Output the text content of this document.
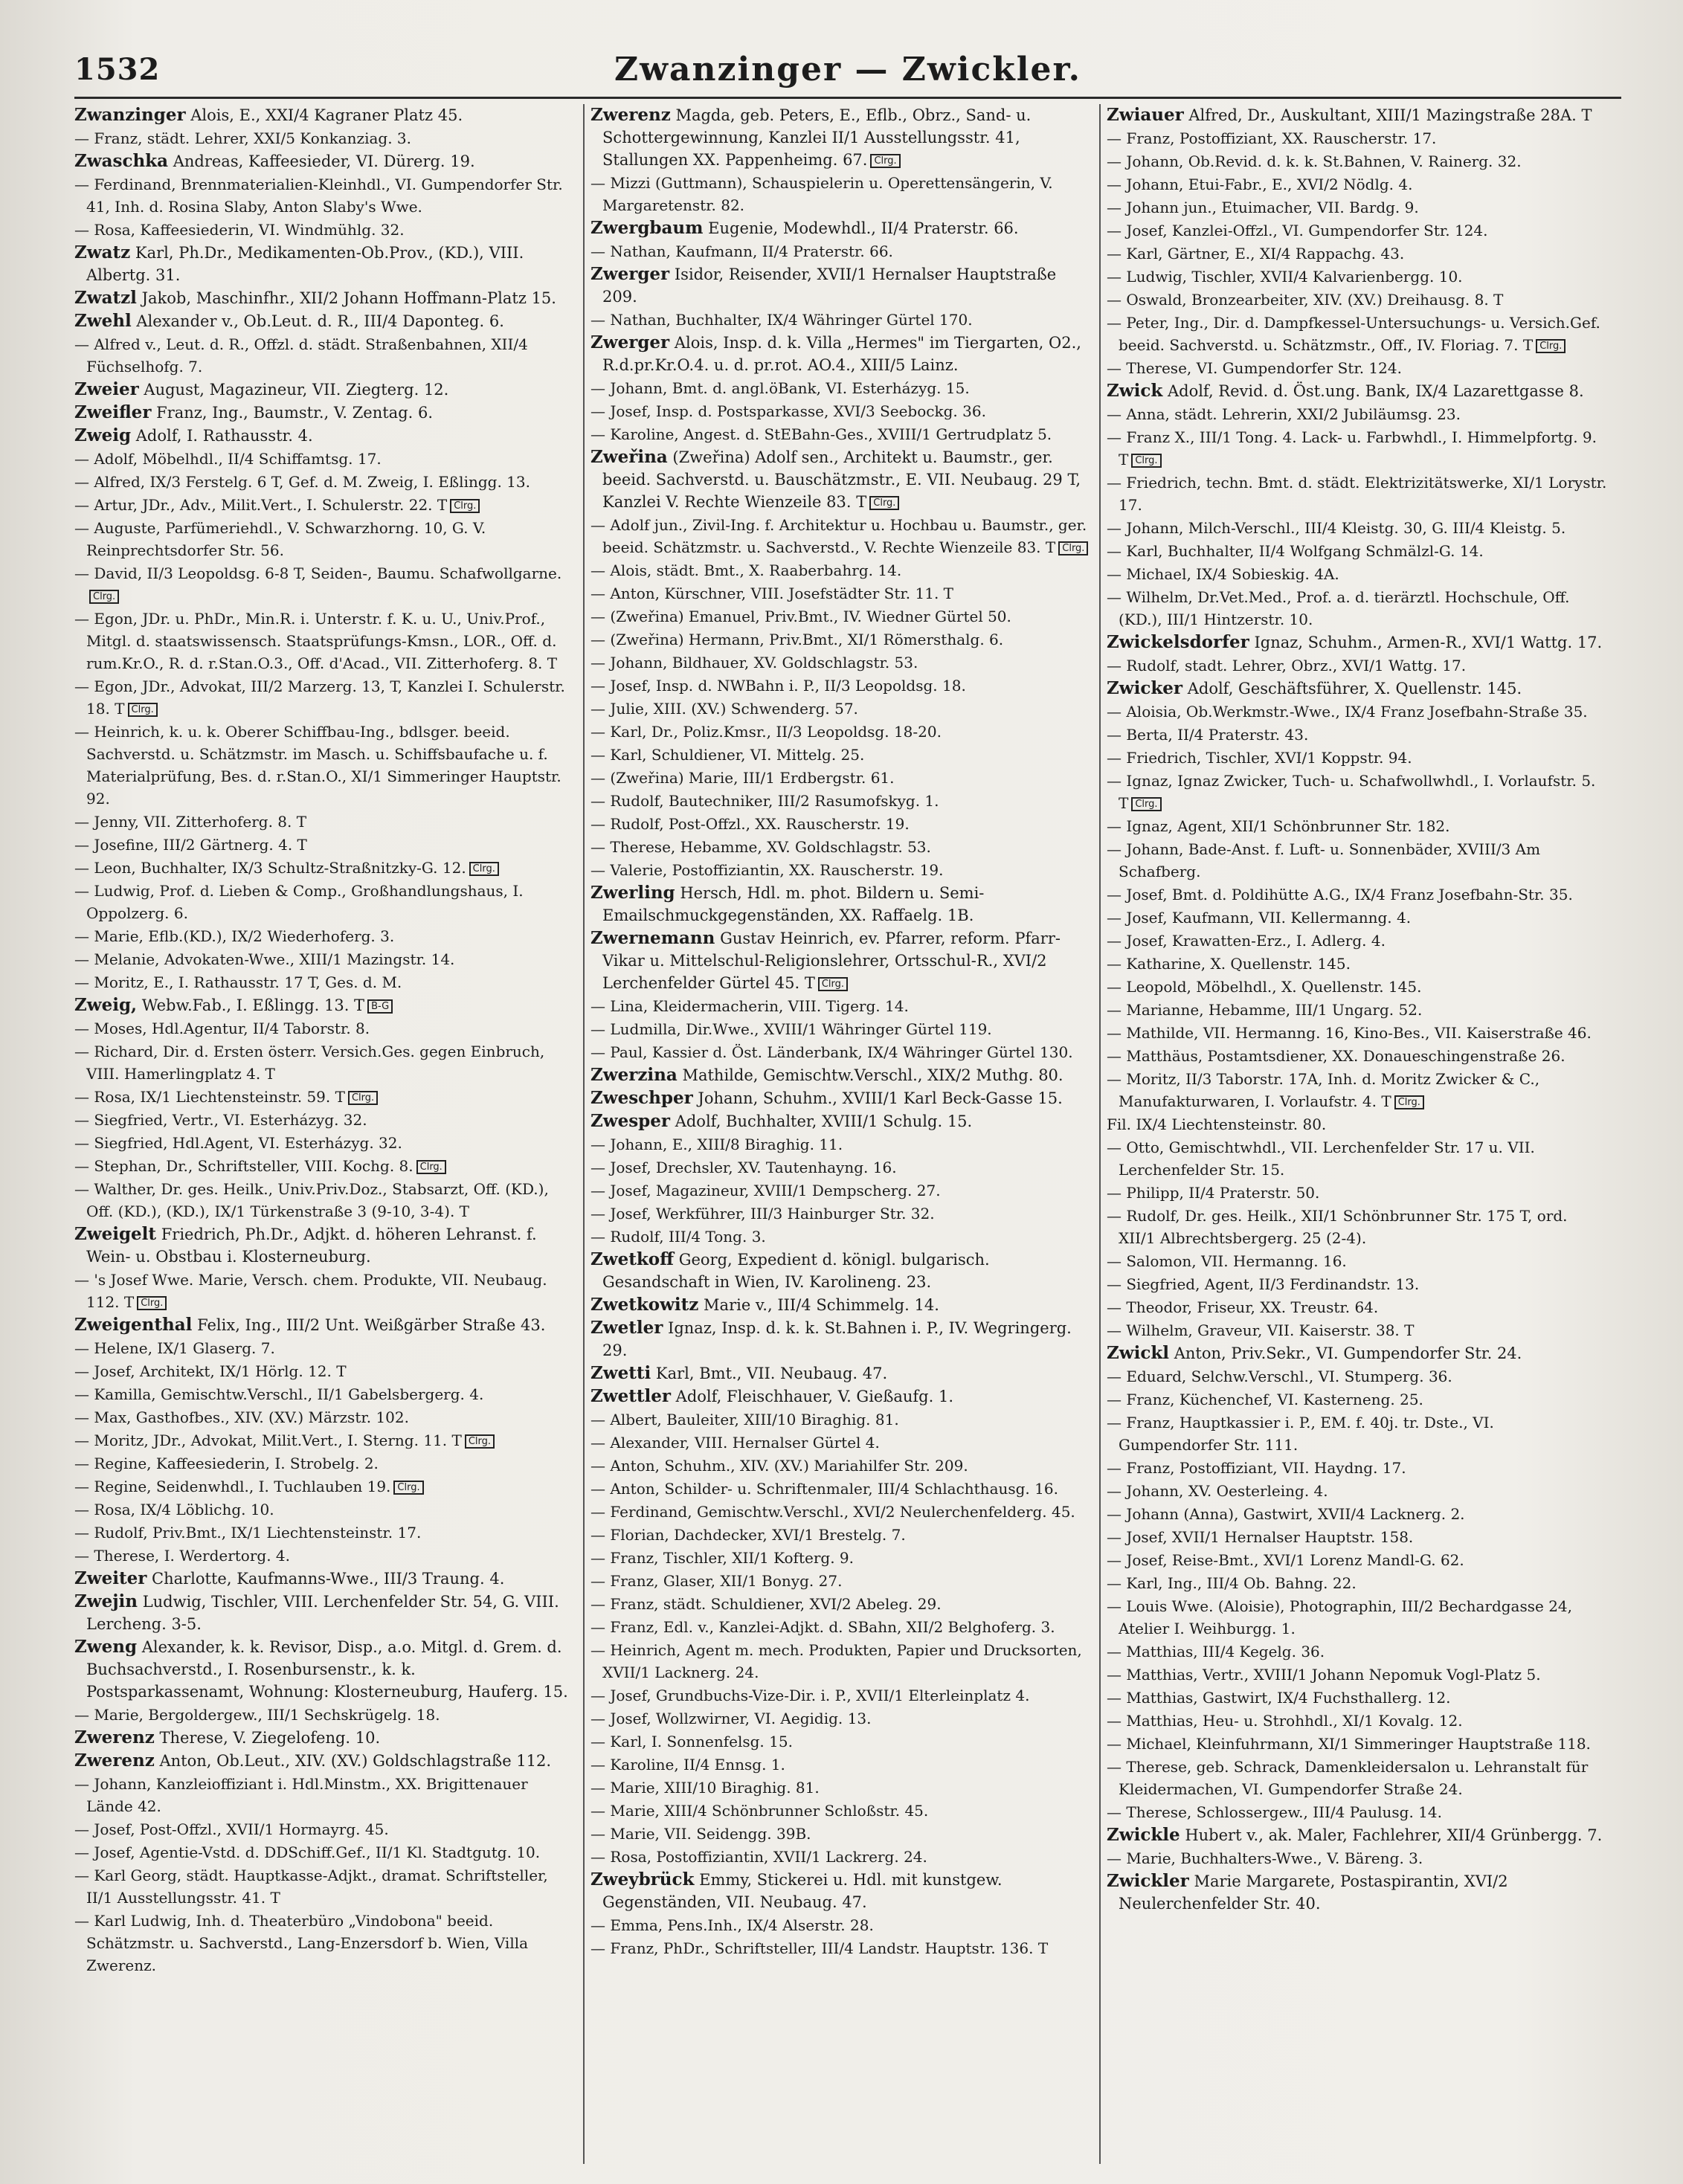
1532	Zwanzinger — Zwickler.
Zwanzinger Alois, E., XXI/4 Kagraner Platz 45.
— Franz, städt. Lehrer, XXI/5 Konkanziag. 3.
Zwaschka Andreas, Kaffeesieder, VI. Dürerg. 19.
— Ferdinand, Brennmaterialien-Kleinhdl., VI. Gumpendorfer Str. 41, Inh. d. Rosina Slaby, Anton Slaby's Wwe.
— Rosa, Kaffeesiederin, VI. Windmühlg. 32.
Zwatz Karl, Ph.Dr., Medikamenten-Ob.Prov., (KD.), VIII. Albertg. 31.
Zwatzl Jakob, Maschinfhr., XII/2 Johann Hoffmann-Platz 15.
Zwehl Alexander v., Ob.Leut. d. R., III/4 Daponteg. 6.
— Alfred v., Leut. d. R., Offzl. d. städt. Straßenbahnen, XII/4 Füchselhofg. 7.
Zweier August, Magazineur, VII. Ziegterg. 12.
Zweifler Franz, Ing., Baumstr., V. Zentag. 6.
Zweig Adolf, I. Rathausstr. 4.
— Adolf, Möbelhdl., II/4 Schiffamtsg. 17.
— Alfred, IX/3 Ferstelg. 6 T, Gef. d. M. Zweig, I. Eßlingg. 13.
— Artur, JDr., Adv., Milit.Vert., I. Schulerstr. 22. T Clrg.
— Auguste, Parfümeriehdl., V. Schwarzhorng. 10, G. V. Reinprechtsdorfer Str. 56.
— David, II/3 Leopoldsg. 6-8 T, Seiden-, Baumu. Schafwollgarne.Clrg.
— Egon, JDr. u. PhDr., Min.R. i. Unterstr. f. K. u. U., Univ.Prof., Mitgl. d. staatswissensch. Staatsprüfungs-Kmsn., LOR., Off. d. rum.Kr.O., R. d. r.Stan.O.3., Off. d'Acad., VII. Zitterhoferg. 8. T
— Egon, JDr., Advokat, III/2 Marzerg. 13, T, Kanzlei I. Schulerstr. 18. T Clrg.
— Heinrich, k. u. k. Oberer Schiffbau-Ing., bdlsger. beeid. Sachverstd. u. Schätzmstr. im Masch. u. Schiffsbaufache u. f. Materialprüfung, Bes. d. r.Stan.O., XI/1 Simmeringer Hauptstr. 92.
— Jenny, VII. Zitterhoferg. 8. T
— Josefine, III/2 Gärtnerg. 4. T
— Leon, Buchhalter, IX/3 Schultz-Straßnitzky-G. 12. Clrg.
— Ludwig, Prof. d. Lieben & Comp., Großhandlungshaus, I. Oppolzerg. 6.
— Marie, Eflb.(KD.), IX/2 Wiederhoferg. 3.
— Melanie, Advokaten-Wwe., XIII/1 Mazingstr. 14.
— Moritz, E., I. Rathausstr. 17 T, Ges. d. M.
Zweig, Webw.Fab., I. Eßlingg. 13. T B-G
— Moses, Hdl.Agentur, II/4 Taborstr. 8.
— Richard, Dir. d. Ersten österr. Versich.Ges. gegen Einbruch, VIII. Hamerlingplatz 4. T
— Rosa, IX/1 Liechtensteinstr. 59. T Clrg.
— Siegfried, Vertr., VI. Esterházyg. 32.
— Siegfried, Hdl.Agent, VI. Esterházyg. 32.
— Stephan, Dr., Schriftsteller, VIII. Kochg. 8. Clrg.
— Walther, Dr. ges. Heilk., Univ.Priv.Doz., Stabsarzt, Off. (KD.), Off. (KD.), (KD.), IX/1 Türkenstraße 3 (9-10, 3-4). T
Zweigelt Friedrich, Ph.Dr., Adjkt. d. höheren Lehranst. f. Wein- u. Obstbau i. Klosterneuburg.
— 's Josef Wwe. Marie, Versch. chem. Produkte, VII. Neubaug. 112. T Clrg.
Zweigenthal Felix, Ing., III/2 Unt. Weißgärber Straße 43.
— Helene, IX/1 Glaserg. 7.
— Josef, Architekt, IX/1 Hörlg. 12. T
— Kamilla, Gemischtw.Verschl., II/1 Gabelsbergerg. 4.
— Max, Gasthofbes., XIV. (XV.) Märzstr. 102.
— Moritz, JDr., Advokat, Milit.Vert., I. Sterng. 11. T Clrg.
— Regine, Kaffeesiederin, I. Strobelg. 2.
— Regine, Seidenwhdl., I. Tuchlauben 19. Clrg.
— Rosa, IX/4 Löblichg. 10.
— Rudolf, Priv.Bmt., IX/1 Liechtensteinstr. 17.
— Therese, I. Werdertorg. 4.
Zweiter Charlotte, Kaufmanns-Wwe., III/3 Traung. 4.
Zwejin Ludwig, Tischler, VIII. Lerchenfelder Str. 54, G. VIII. Lercheng. 3-5.
Zweng Alexander, k. k. Revisor, Disp., a.o. Mitgl. d. Grem. d. Buchsachverstd., I. Rosenbursenstr., k. k. Postsparkassenamt, Wohnung: Klosterneuburg, Hauferg. 15.
— Marie, Bergoldergew., III/1 Sechskrügelg. 18.
Zwerenz Therese, V. Ziegelofeng. 10.
Zwerenz Anton, Ob.Leut., XIV. (XV.) Goldschlagstraße 112.
— Johann, Kanzleioffiziant i. Hdl.Minstm., XX. Brigittenauer Lände 42.
— Josef, Post-Offzl., XVII/1 Hormayrg. 45.
— Josef, Agentie-Vstd. d. DDSchiff.Gef., II/1 Kl. Stadtgutg. 10.
— Karl Georg, städt. Hauptkasse-Adjkt., dramat. Schriftsteller, II/1 Ausstellungsstr. 41. T
— Karl Ludwig, Inh. d. Theaterbüro „Vindobona" beeid. Schätzmstr. u. Sachverstd., Lang-Enzersdorf b. Wien, Villa Zwerenz.
Zwerenz Magda, geb. Peters, E., Eflb., Obrz., Sand- u. Schottergewinnung, Kanzlei II/1 Ausstellungsstr. 41, Stallungen XX. Pappenheimg. 67. Clrg.
— Mizzi (Guttmann), Schauspielerin u. Operettensängerin, V. Margaretenstr. 82.
Zwergbaum Eugenie, Modewhdl., II/4 Praterstr. 66.
— Nathan, Kaufmann, II/4 Praterstr. 66.
Zwerger Isidor, Reisender, XVII/1 Hernalser Hauptstraße 209.
— Nathan, Buchhalter, IX/4 Währinger Gürtel 170.
Zwerger Alois, Insp. d. k. Villa „Hermes" im Tiergarten, O2., R.d.pr.Kr.O.4. u. d. pr.rot. AO.4., XIII/5 Lainz.
— Johann, Bmt. d. angl.öBank, VI. Esterházyg. 15.
— Josef, Insp. d. Postsparkasse, XVI/3 Seebockg. 36.
— Karoline, Angest. d. StEBahn-Ges., XVIII/1 Gertrudplatz 5.
Zweřina (Zweřina) Adolf sen., Architekt u. Baumstr., ger. beeid. Sachverstd. u. Bauschätzmstr., E. VII. Neubaug. 29 T, Kanzlei V. Rechte Wienzeile 83. T Clrg.
— Adolf jun., Zivil-Ing. f. Architektur u. Hochbau u. Baumstr., ger. beeid. Schätzmstr. u. Sachverstd., V. Rechte Wienzeile 83. T Clrg.
— Alois, städt. Bmt., X. Raaberbahrg. 14.
— Anton, Kürschner, VIII. Josefstädter Str. 11. T
— (Zweřina) Emanuel, Priv.Bmt., IV. Wiedner Gürtel 50.
— (Zweřina) Hermann, Priv.Bmt., XI/1 Römersthalg. 6.
— Johann, Bildhauer, XV. Goldschlagstr. 53.
— Josef, Insp. d. NWBahn i. P., II/3 Leopoldsg. 18.
— Julie, XIII. (XV.) Schwenderg. 57.
— Karl, Dr., Poliz.Kmsr., II/3 Leopoldsg. 18-20.
— Karl, Schuldiener, VI. Mittelg. 25.
— (Zweřina) Marie, III/1 Erdbergstr. 61.
— Rudolf, Bautechniker, III/2 Rasumofskyg. 1.
— Rudolf, Post-Offzl., XX. Rauscherstr. 19.
— Therese, Hebamme, XV. Goldschlagstr. 53.
— Valerie, Postoffiziantin, XX. Rauscherstr. 19.
Zwerling Hersch, Hdl. m. phot. Bildern u. Semi-Emailschmuckgegenständen, XX. Raffaelg. 1B.
Zwernemann Gustav Heinrich, ev. Pfarrer, reform. Pfarr-Vikar u. Mittelschul-Religionslehrer, Ortsschul-R., XVI/2 Lerchenfelder Gürtel 45. T Clrg.
— Lina, Kleidermacherin, VIII. Tigerg. 14.
— Ludmilla, Dir.Wwe., XVIII/1 Währinger Gürtel 119.
— Paul, Kassier d. Öst. Länderbank, IX/4 Währinger Gürtel 130.
Zwerzina Mathilde, Gemischtw.Verschl., XIX/2 Muthg. 80.
Zweschper Johann, Schuhm., XVIII/1 Karl Beck-Gasse 15.
Zwesper Adolf, Buchhalter, XVIII/1 Schulg. 15.
— Johann, E., XIII/8 Biraghig. 11.
— Josef, Drechsler, XV. Tautenhayng. 16.
— Josef, Magazineur, XVIII/1 Dempscherg. 27.
— Josef, Werkführer, III/3 Hainburger Str. 32.
— Rudolf, III/4 Tong. 3.
Zwetkoff Georg, Expedient d. königl. bulgarisch. Gesandschaft in Wien, IV. Karolineng. 23.
Zwetkowitz Marie v., III/4 Schimmelg. 14.
Zwetler Ignaz, Insp. d. k. k. St.Bahnen i. P., IV. Wegringerg. 29.
Zwetti Karl, Bmt., VII. Neubaug. 47.
Zwettler Adolf, Fleischhauer, V. Gießaufg. 1.
— Albert, Bauleiter, XIII/10 Biraghig. 81.
— Alexander, VIII. Hernalser Gürtel 4.
— Anton, Schuhm., XIV. (XV.) Mariahilfer Str. 209.
— Anton, Schilder- u. Schriftenmaler, III/4 Schlachthausg. 16.
— Ferdinand, Gemischtw.Verschl., XVI/2 Neulerchenfelderg. 45.
— Florian, Dachdecker, XVI/1 Brestelg. 7.
— Franz, Tischler, XII/1 Kofterg. 9.
— Franz, Glaser, XII/1 Bonyg. 27.
— Franz, städt. Schuldiener, XVI/2 Abeleg. 29.
— Franz, Edl. v., Kanzlei-Adjkt. d. SBahn, XII/2 Belghoferg. 3.
— Heinrich, Agent m. mech. Produkten, Papier und Drucksorten, XVII/1 Lacknerg. 24.
— Josef, Grundbuchs-Vize-Dir. i. P., XVII/1 Elterleinplatz 4.
— Josef, Wollzwirner, VI. Aegidig. 13.
— Karl, I. Sonnenfelsg. 15.
— Karoline, II/4 Ennsg. 1.
— Marie, XIII/10 Biraghig. 81.
— Marie, XIII/4 Schönbrunner Schloßstr. 45.
— Marie, VII. Seidengg. 39B.
— Rosa, Postoffiziantin, XVII/1 Lackrerg. 24.
Zweybrück Emmy, Stickerei u. Hdl. mit kunstgew. Gegenständen, VII. Neubaug. 47.
— Emma, Pens.Inh., IX/4 Alserstr. 28.
— Franz, PhDr., Schriftsteller, III/4 Landstr. Hauptstr. 136. T
Zwiauer Alfred, Dr., Auskultant, XIII/1 Mazingstraße 28A. T
— Franz, Postoffiziant, XX. Rauscherstr. 17.
— Johann, Ob.Revid. d. k. k. St.Bahnen, V. Rainerg. 32.
— Johann, Etui-Fabr., E., XVI/2 Nödlg. 4.
— Johann jun., Etuimacher, VII. Bardg. 9.
— Josef, Kanzlei-Offzl., VI. Gumpendorfer Str. 124.
— Karl, Gärtner, E., XI/4 Rappachg. 43.
— Ludwig, Tischler, XVII/4 Kalvarienbergg. 10.
— Oswald, Bronzearbeiter, XIV. (XV.) Dreihausg. 8. T
— Peter, Ing., Dir. d. Dampfkessel-Untersuchungs- u. Versich.Gef. beeid. Sachverstd. u. Schätzmstr., Off., IV. Floriag. 7. T Clrg.
— Therese, VI. Gumpendorfer Str. 124.
Zwick Adolf, Revid. d. Öst.ung. Bank, IX/4 Lazarettgasse 8.
— Anna, städt. Lehrerin, XXI/2 Jubiläumsg. 23.
— Franz X., III/1 Tong. 4. Lack- u. Farbwhdl., I. Himmelpfortg. 9. T Clrg.
— Friedrich, techn. Bmt. d. städt. Elektrizitätswerke, XI/1 Lorystr. 17.
— Johann, Milch-Verschl., III/4 Kleistg. 30, G. III/4 Kleistg. 5.
— Karl, Buchhalter, II/4 Wolfgang Schmälzl-G. 14.
— Michael, IX/4 Sobieskig. 4A.
— Wilhelm, Dr.Vet.Med., Prof. a. d. tierärztl. Hochschule, Off. (KD.), III/1 Hintzerstr. 10.
Zwickelsdorfer Ignaz, Schuhm., Armen-R., XVI/1 Wattg. 17.
— Rudolf, stadt. Lehrer, Obrz., XVI/1 Wattg. 17.
Zwicker Adolf, Geschäftsführer, X. Quellenstr. 145.
— Aloisia, Ob.Werkmstr.-Wwe., IX/4 Franz Josefbahn-Straße 35.
— Berta, II/4 Praterstr. 43.
— Friedrich, Tischler, XVI/1 Koppstr. 94.
— Ignaz, Ignaz Zwicker, Tuch- u. Schafwollwhdl., I. Vorlaufstr. 5. T Clrg.
— Ignaz, Agent, XII/1 Schönbrunner Str. 182.
— Johann, Bade-Anst. f. Luft- u. Sonnenbäder, XVIII/3 Am Schafberg.
— Josef, Bmt. d. Poldihütte A.G., IX/4 Franz Josefbahn-Str. 35.
— Josef, Kaufmann, VII. Kellermanng. 4.
— Josef, Krawatten-Erz., I. Adlerg. 4.
— Katharine, X. Quellenstr. 145.
— Leopold, Möbelhdl., X. Quellenstr. 145.
— Marianne, Hebamme, III/1 Ungarg. 52.
— Mathilde, VII. Hermanng. 16, Kino-Bes., VII. Kaiserstraße 46.
— Matthäus, Postamtsdiener, XX. Donaueschingenstraße 26.
— Moritz, II/3 Taborstr. 17A, Inh. d. Moritz Zwicker & C., Manufakturwaren, I. Vorlaufstr. 4. T Clrg.
Fil. IX/4 Liechtensteinstr. 80.
— Otto, Gemischtwhdl., VII. Lerchenfelder Str. 17 u. VII. Lerchenfelder Str. 15.
— Philipp, II/4 Praterstr. 50.
— Rudolf, Dr. ges. Heilk., XII/1 Schönbrunner Str. 175 T, ord. XII/1 Albrechtsbergerg. 25 (2-4).
— Salomon, VII. Hermanng. 16.
— Siegfried, Agent, II/3 Ferdinandstr. 13.
— Theodor, Friseur, XX. Treustr. 64.
— Wilhelm, Graveur, VII. Kaiserstr. 38. T
Zwickl Anton, Priv.Sekr., VI. Gumpendorfer Str. 24.
— Eduard, Selchw.Verschl., VI. Stumperg. 36.
— Franz, Küchenchef, VI. Kasterneng. 25.
— Franz, Hauptkassier i. P., EM. f. 40j. tr. Dste., VI. Gumpendorfer Str. 111.
— Franz, Postoffiziant, VII. Haydng. 17.
— Johann, XV. Oesterleing. 4.
— Johann (Anna), Gastwirt, XVII/4 Lacknerg. 2.
— Josef, XVII/1 Hernalser Hauptstr. 158.
— Josef, Reise-Bmt., XVI/1 Lorenz Mandl-G. 62.
— Karl, Ing., III/4 Ob. Bahng. 22.
— Louis Wwe. (Aloisie), Photographin, III/2 Bechardgasse 24, Atelier I. Weihburgg. 1.
— Matthias, III/4 Kegelg. 36.
— Matthias, Vertr., XVIII/1 Johann Nepomuk Vogl-Platz 5.
— Matthias, Gastwirt, IX/4 Fuchsthallerg. 12.
— Matthias, Heu- u. Strohhdl., XI/1 Kovalg. 12.
— Michael, Kleinfuhrmann, XI/1 Simmeringer Hauptstraße 118.
— Therese, geb. Schrack, Damenkleidersalon u. Lehranstalt für Kleidermachen, VI. Gumpendorfer Straße 24.
— Therese, Schlossergew., III/4 Paulusg. 14.
Zwickle Hubert v., ak. Maler, Fachlehrer, XII/4 Grünbergg. 7.
— Marie, Buchhalters-Wwe., V. Bäreng. 3.
Zwickler Marie Margarete, Postaspirantin, XVI/2 Neulerchenfelder Str. 40.
